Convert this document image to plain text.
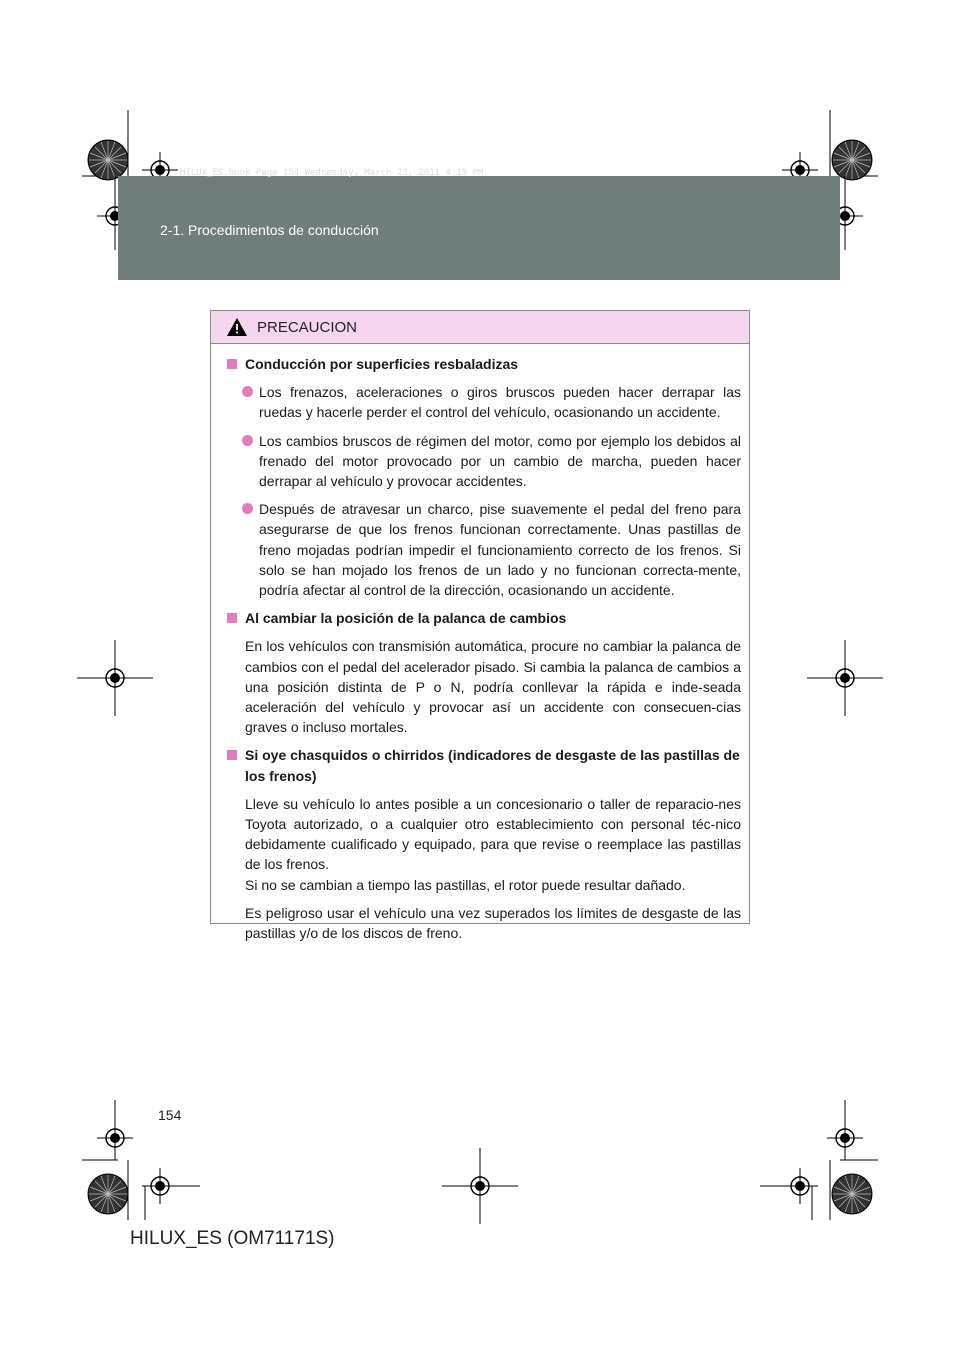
HILUX_ES.book Page 154 Wednesday, March 23, 2011 4:15 PM
2-1. Procedimientos de conducción
PRECAUCION
Conducción por superficies resbaladizas
Los frenazos, aceleraciones o giros bruscos pueden hacer derrapar las ruedas y hacerle perder el control del vehículo, ocasionando un accidente.
Los cambios bruscos de régimen del motor, como por ejemplo los debidos al frenado del motor provocado por un cambio de marcha, pueden hacer derrapar al vehículo y provocar accidentes.
Después de atravesar un charco, pise suavemente el pedal del freno para asegurarse de que los frenos funcionan correctamente. Unas pastillas de freno mojadas podrían impedir el funcionamiento correcto de los frenos. Si solo se han mojado los frenos de un lado y no funcionan correcta-mente, podría afectar al control de la dirección, ocasionando un accidente.
Al cambiar la posición de la palanca de cambios
En los vehículos con transmisión automática, procure no cambiar la palanca de cambios con el pedal del acelerador pisado. Si cambia la palanca de cambios a una posición distinta de P o N, podría conllevar la rápida e inde-seada aceleración del vehículo y provocar así un accidente con consecuen-cias graves o incluso mortales.
Si oye chasquidos o chirridos (indicadores de desgaste de las pastillas de los frenos)
Lleve su vehículo lo antes posible a un concesionario o taller de reparacio-nes Toyota autorizado, o a cualquier otro establecimiento con personal téc-nico debidamente cualificado y equipado, para que revise o reemplace las pastillas de los frenos.
Si no se cambian a tiempo las pastillas, el rotor puede resultar dañado.
Es peligroso usar el vehículo una vez superados los límites de desgaste de las pastillas y/o de los discos de freno.
154
HILUX_ES (OM71171S)
